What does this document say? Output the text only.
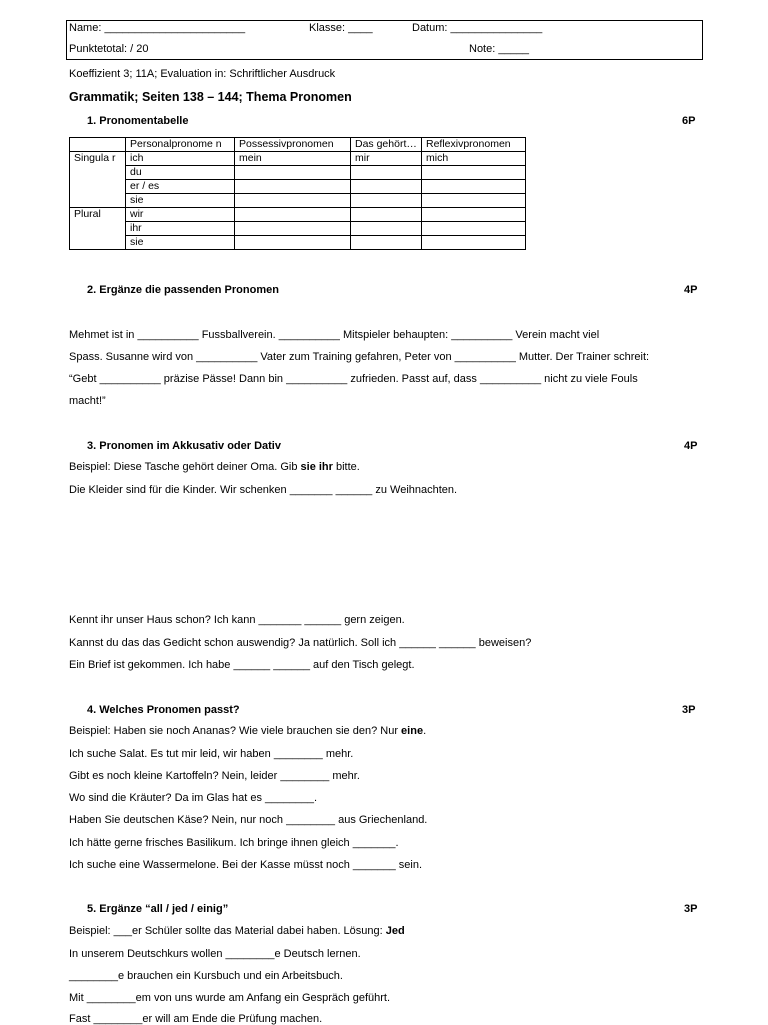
Name: _______________________	Klasse: ____	Datum: _______________
Punktetotal: / 20	Note: _____
Koeffizient 3; 11A; Evaluation in: Schriftlicher Ausdruck
Grammatik; Seiten 138 – 144; Thema Pronomen
1. Pronomentabelle	6P
	Personalpronome n	Possessivpronomen	Das gehört…	Reflexivpronomen
Singula r	ich	mein	mir	mich
	du			
	er / es			
	sie			
Plural	wir			
	ihr			
	sie			
2. Ergänze die passenden Pronomen	4P
Mehmet ist in __________ Fussballverein. __________ Mitspieler behaupten: __________ Verein macht viel
Spass. Susanne wird von __________ Vater zum Training gefahren, Peter von __________ Mutter. Der Trainer schreit:
“Gebt __________ präzise Pässe! Dann bin __________ zufrieden. Passt auf, dass __________ nicht zu viele Fouls
macht!”
3. Pronomen im Akkusativ oder Dativ	4P
Beispiel: Diese Tasche gehört deiner Oma. Gib sie ihr bitte.
Die Kleider sind für die Kinder. Wir schenken _______ ______ zu Weihnachten.
Kennt ihr unser Haus schon? Ich kann _______ ______ gern zeigen.
Kannst du das das Gedicht schon auswendig? Ja natürlich. Soll ich ______ ______ beweisen?
Ein Brief ist gekommen. Ich habe ______ ______ auf den Tisch gelegt.
4. Welches Pronomen passt?	3P
Beispiel: Haben sie noch Ananas? Wie viele brauchen sie den? Nur eine.
Ich suche Salat. Es tut mir leid, wir haben ________ mehr.
Gibt es noch kleine Kartoffeln? Nein, leider ________ mehr.
Wo sind die Kräuter? Da im Glas hat es ________.
Haben Sie deutschen Käse? Nein, nur noch ________ aus Griechenland.
Ich hätte gerne frisches Basilikum. Ich bringe ihnen gleich _______.
Ich suche eine Wassermelone. Bei der Kasse müsst noch _______ sein.
5. Ergänze “all / jed / einig”	3P
Beispiel: ___er Schüler sollte das Material dabei haben. Lösung: Jed
In unserem Deutschkurs wollen ________e Deutsch lernen.
________e brauchen ein Kursbuch und ein Arbeitsbuch.
Mit ________em von uns wurde am Anfang ein Gespräch geführt.
Fast ________er will am Ende die Prüfung machen.
